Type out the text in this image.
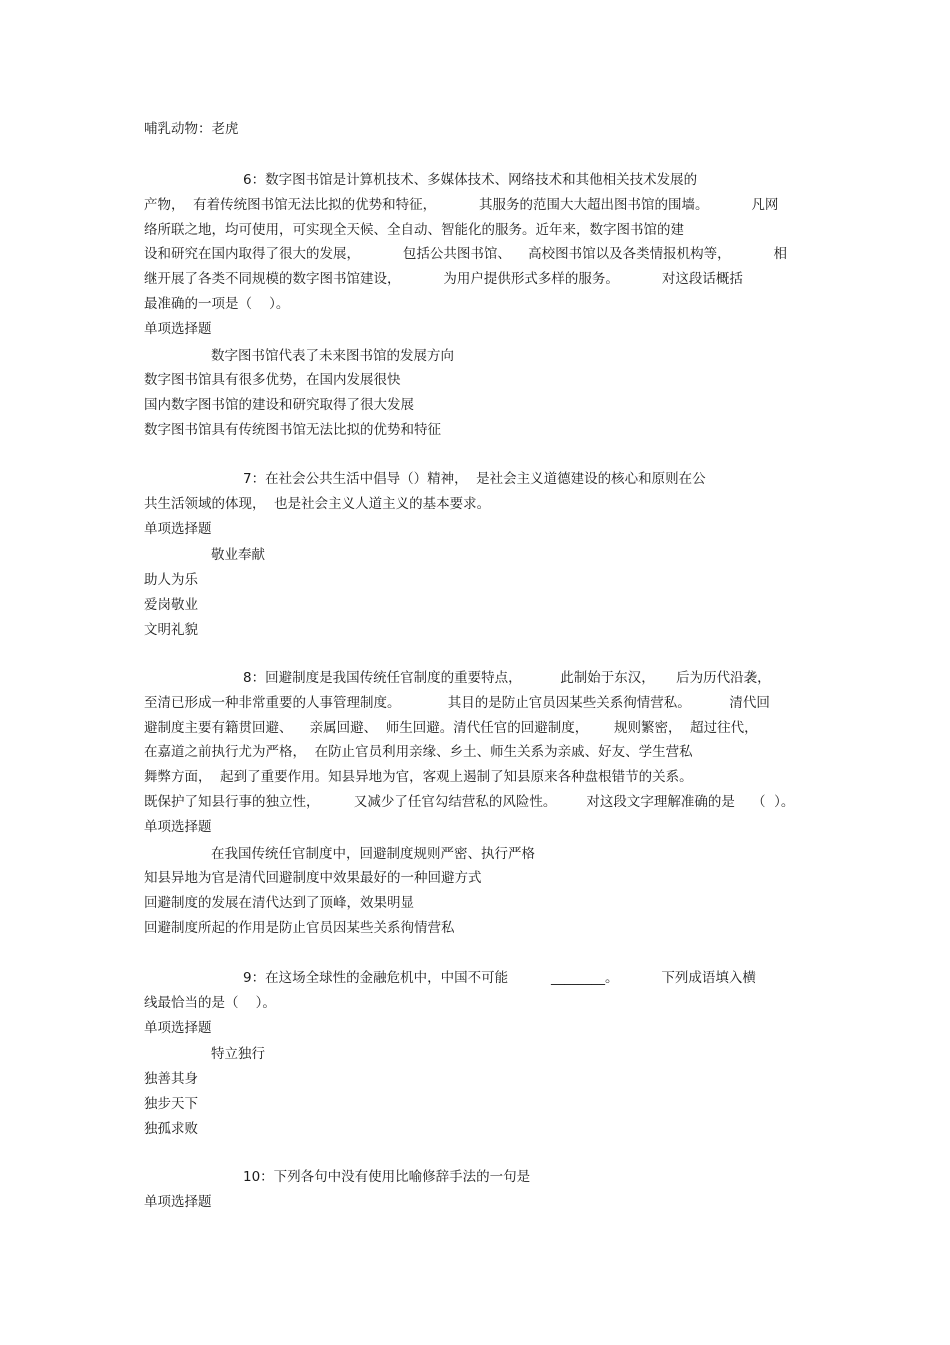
哺乳动物：老虎
6：数字图书馆是计算机技术、多媒体技术、网络技术和其他相关技术发展的
产物，  有着传统图书馆无法比拟的优势和特征，          其服务的范围大大超出图书馆的围墙。          凡网
络所联之地，均可使用，可实现全天候、全自动、智能化的服务。近年来，数字图书馆的建
设和研究在国内取得了很大的发展，          包括公共图书馆、    高校图书馆以及各类情报机构等，          相
继开展了各类不同规模的数字图书馆建设，          为用户提供形式多样的服务。          对这段话概括
最准确的一项是（    ）。
单项选择题
数字图书馆代表了未来图书馆的发展方向
数字图书馆具有很多优势，在国内发展很快
国内数字图书馆的建设和研究取得了很大发展
数字图书馆具有传统图书馆无法比拟的优势和特征
7：在社会公共生活中倡导（）精神，  是社会主义道德建设的核心和原则在公
共生活领域的体现，  也是社会主义人道主义的基本要求。
单项选择题
敬业奉献
助人为乐
爱岗敬业
文明礼貌
8：回避制度是我国传统任官制度的重要特点，         此制始于东汉，     后为历代沿袭，
至清已形成一种非常重要的人事管理制度。           其目的是防止官员因某些关系徇情营私。         清代回
避制度主要有籍贯回避、    亲属回避、  师生回避。清代任官的回避制度，      规则繁密，  超过往代，
在嘉道之前执行尤为严格，  在防止官员利用亲缘、乡土、师生关系为亲戚、好友、学生营私
舞弊方面，  起到了重要作用。知县异地为官，客观上遏制了知县原来各种盘根错节的关系。
既保护了知县行事的独立性，        又减少了任官勾结营私的风险性。       对这段文字理解准确的是    （  ）。
单项选择题
在我国传统任官制度中，回避制度规则严密、执行严格
知县异地为官是清代回避制度中效果最好的一种回避方式
回避制度的发展在清代达到了顶峰，效果明显
回避制度所起的作用是防止官员因某些关系徇情营私
9：在这场全球性的金融危机中，中国不可能          ________。          下列成语填入横
线最恰当的是（    ）。
单项选择题
特立独行
独善其身
独步天下
独孤求败
10：下列各句中没有使用比喻修辞手法的一句是
单项选择题
